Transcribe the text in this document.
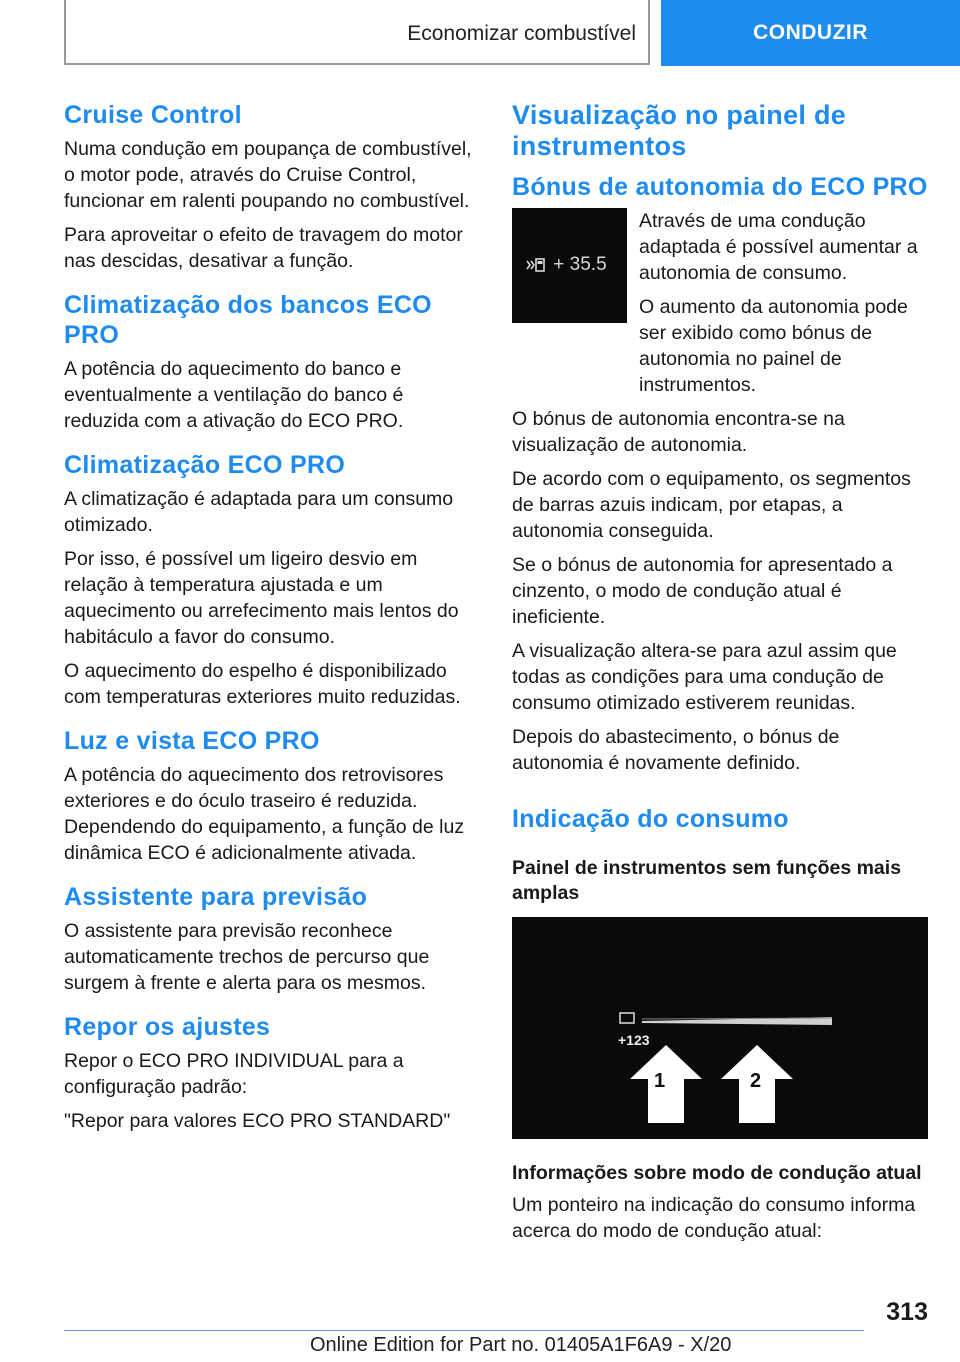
Economizar combustível	CONDUZIR
Cruise Control

Numa condução em poupança de combustível, o motor pode, através do Cruise Control, funcionar em ralenti poupando no combustível.

Para aproveitar o efeito de travagem do motor nas descidas, desativar a função.

Climatização dos bancos ECO PRO

A potência do aquecimento do banco e eventualmente a ventilação do banco é reduzida com a ativação do ECO PRO.

Climatização ECO PRO

A climatização é adaptada para um consumo otimizado.

Por isso, é possível um ligeiro desvio em relação à temperatura ajustada e um aquecimento ou arrefecimento mais lentos do habitáculo a favor do consumo.

O aquecimento do espelho é disponibilizado com temperaturas exteriores muito reduzidas.

Luz e vista ECO PRO

A potência do aquecimento dos retrovisores exteriores e do óculo traseiro é reduzida. Dependendo do equipamento, a função de luz dinâmica ECO é adicionalmente ativada.

Assistente para previsão

O assistente para previsão reconhece automaticamente trechos de percurso que surgem à frente e alerta para os mesmos.

Repor os ajustes

Repor o ECO PRO INDIVIDUAL para a configuração padrão:

"Repor para valores ECO PRO STANDARD"

Visualização no painel de instrumentos
Bónus de autonomia do ECO PRO
+ 35.5

Através de uma condução adaptada é possível aumentar a autonomia de consumo.

O aumento da autonomia pode ser exibido como bónus de autonomia no painel de instrumentos.

O bónus de autonomia encontra-se na visualização de autonomia.

De acordo com o equipamento, os segmentos de barras azuis indicam, por etapas, a autonomia conseguida.

Se o bónus de autonomia for apresentado a cinzento, o modo de condução atual é ineficiente.

A visualização altera-se para azul assim que todas as condições para uma condução de consumo otimizado estiverem reunidas.

Depois do abastecimento, o bónus de autonomia é novamente definido.

Indicação do consumo
Painel de instrumentos sem funções mais amplas
+123
1	2
Informações sobre modo de condução atual

Um ponteiro na indicação do consumo informa acerca do modo de condução atual:

313
Online Edition for Part no. 01405A1F6A9 - X/20
